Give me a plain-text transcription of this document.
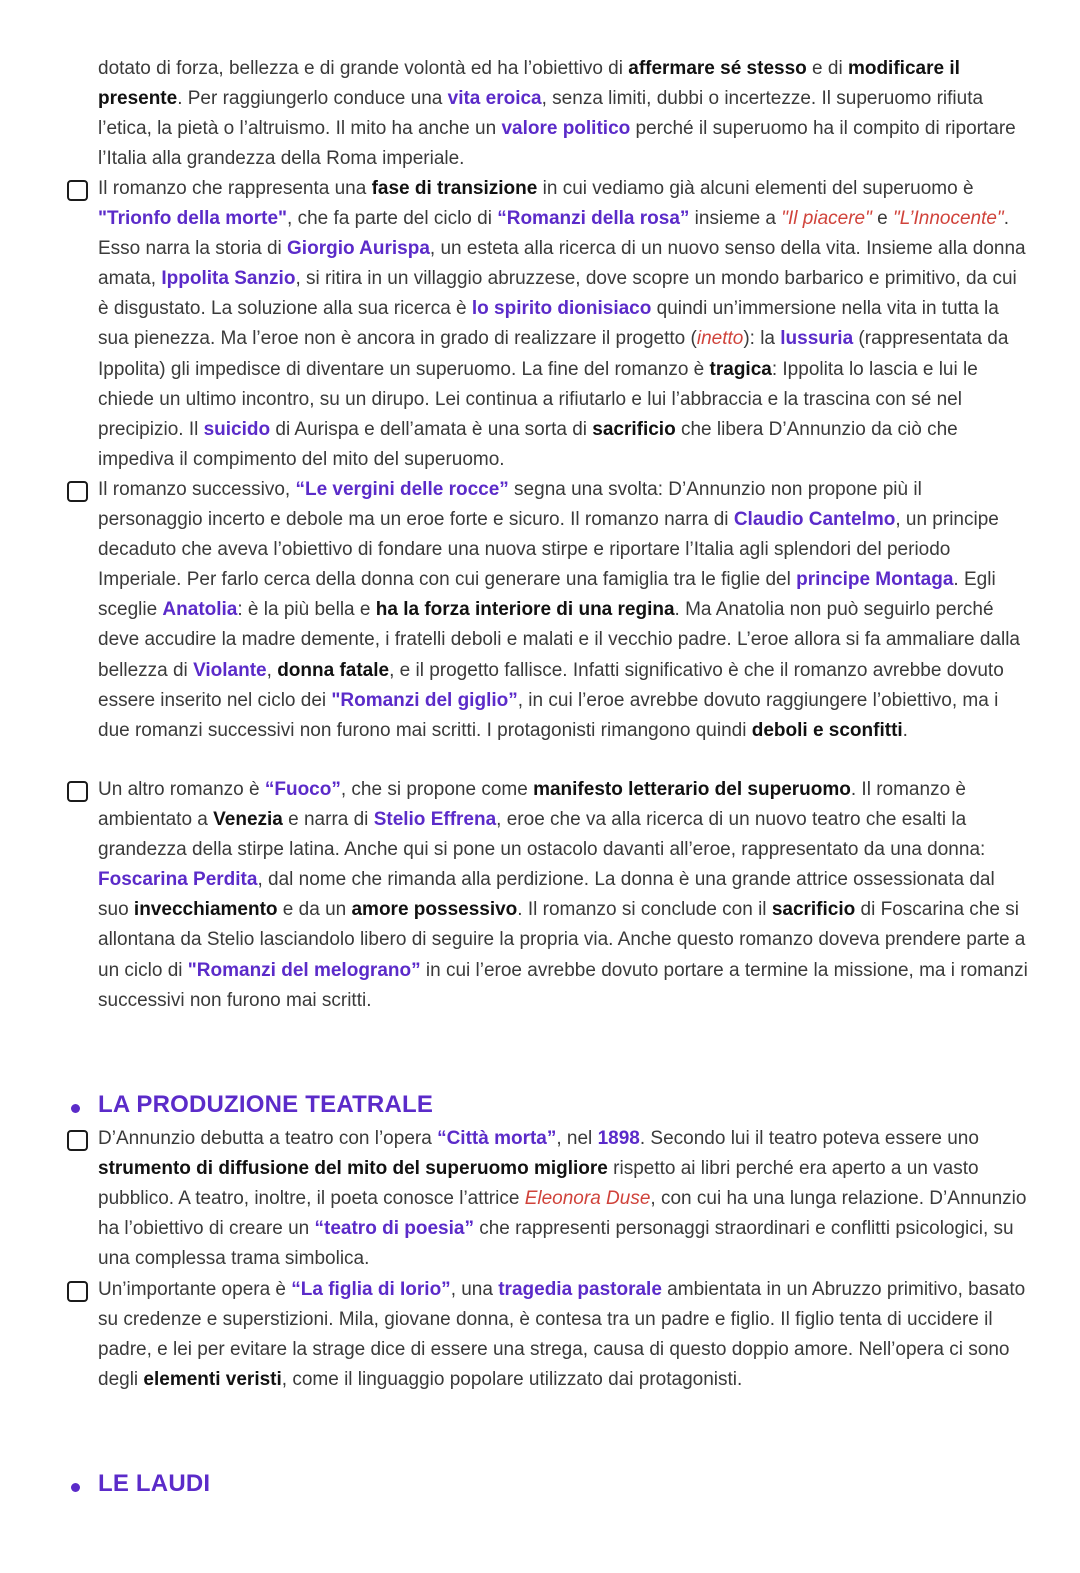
dotato di forza, bellezza e di grande volontà ed ha l’obiettivo di affermare sé stesso e di modificare il presente. Per raggiungerlo conduce una vita eroica, senza limiti, dubbi o incertezze. Il superuomo rifiuta l’etica, la pietà o l’altruismo. Il mito ha anche un valore politico perché il superuomo ha il compito di riportare l’Italia alla grandezza della Roma imperiale.
Il romanzo che rappresenta una fase di transizione in cui vediamo già alcuni elementi del superuomo è "Trionfo della morte", che fa parte del ciclo di “Romanzi della rosa” insieme a "Il piacere" e "L’Innocente". Esso narra la storia di Giorgio Aurispa, un esteta alla ricerca di un nuovo senso della vita. Insieme alla donna amata, Ippolita Sanzio, si ritira in un villaggio abruzzese, dove scopre un mondo barbarico e primitivo, da cui è disgustato. La soluzione alla sua ricerca è lo spirito dionisiaco quindi un’immersione nella vita in tutta la sua pienezza. Ma l’eroe non è ancora in grado di realizzare il progetto (inetto): la lussuria (rappresentata da Ippolita) gli impedisce di diventare un superuomo. La fine del romanzo è tragica: Ippolita lo lascia e lui le chiede un ultimo incontro, su un dirupo. Lei continua a rifiutarlo e lui l’abbraccia e la trascina con sé nel precipizio. Il suicido di Aurispa e dell’amata è una sorta di sacrificio che libera D’Annunzio da ciò che impediva il compimento del mito del superuomo.
Il romanzo successivo, “Le vergini delle rocce” segna una svolta: D’Annunzio non propone più il personaggio incerto e debole ma un eroe forte e sicuro. Il romanzo narra di Claudio Cantelmo, un principe decaduto che aveva l’obiettivo di fondare una nuova stirpe e riportare l’Italia agli splendori del periodo Imperiale. Per farlo cerca della donna con cui generare una famiglia tra le figlie del principe Montaga. Egli sceglie Anatolia: è la più bella e ha la forza interiore di una regina. Ma Anatolia non può seguirlo perché deve accudire la madre demente, i fratelli deboli e malati e il vecchio padre. L’eroe allora si fa ammaliare dalla bellezza di Violante, donna fatale, e il progetto fallisce. Infatti significativo è che il romanzo avrebbe dovuto essere inserito nel ciclo dei "Romanzi del giglio”, in cui l’eroe avrebbe dovuto raggiungere l’obiettivo, ma i due romanzi successivi non furono mai scritti. I protagonisti rimangono quindi deboli e sconfitti.
Un altro romanzo è “Fuoco”, che si propone come manifesto letterario del superuomo. Il romanzo è ambientato a Venezia e narra di Stelio Effrena, eroe che va alla ricerca di un nuovo teatro che esalti la grandezza della stirpe latina. Anche qui si pone un ostacolo davanti all’eroe, rappresentato da una donna: Foscarina Perdita, dal nome che rimanda alla perdizione. La donna è una grande attrice ossessionata dal suo invecchiamento e da un amore possessivo. Il romanzo si conclude con il sacrificio di Foscarina che si allontana da Stelio lasciandolo libero di seguire la propria via. Anche questo romanzo doveva prendere parte a un ciclo di "Romanzi del melograno” in cui l’eroe avrebbe dovuto portare a termine la missione, ma i romanzi successivi non furono mai scritti.
LA PRODUZIONE TEATRALE
D’Annunzio debutta a teatro con l’opera “Città morta”, nel 1898. Secondo lui il teatro poteva essere uno strumento di diffusione del mito del superuomo migliore rispetto ai libri perché era aperto a un vasto pubblico. A teatro, inoltre, il poeta conosce l’attrice Eleonora Duse, con cui ha una lunga relazione. D’Annunzio ha l’obiettivo di creare un “teatro di poesia” che rappresenti personaggi straordinari e conflitti psicologici, su una complessa trama simbolica.
Un’importante opera è “La figlia di Iorio”, una tragedia pastorale ambientata in un Abruzzo primitivo, basato su credenze e superstizioni. Mila, giovane donna, è contesa tra un padre e figlio. Il figlio tenta di uccidere il padre, e lei per evitare la strage dice di essere una strega, causa di questo doppio amore. Nell’opera ci sono degli elementi veristi, come il linguaggio popolare utilizzato dai protagonisti.
LE LAUDI
